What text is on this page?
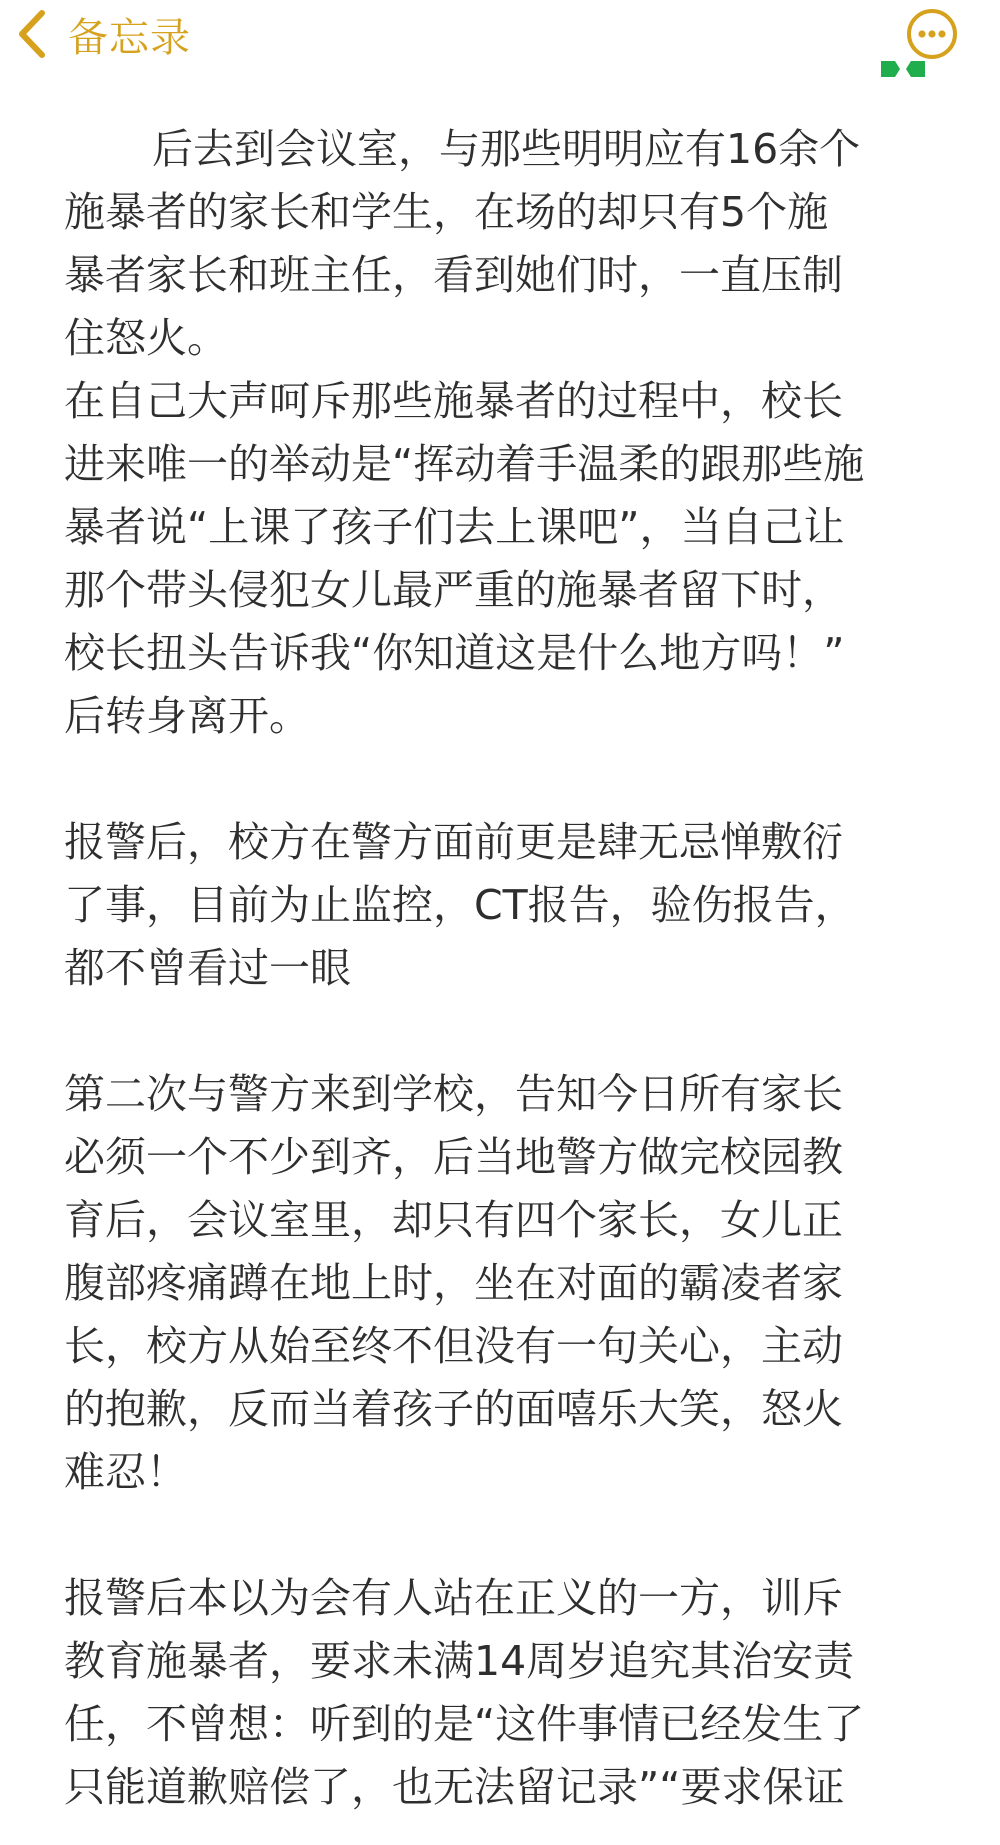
备忘录
后去到会议室，与那些明明应有16余个
施暴者的家长和学生，在场的却只有5个施
暴者家长和班主任，看到她们时，一直压制
住怒火。
在自己大声呵斥那些施暴者的过程中，校长
进来唯一的举动是“挥动着手温柔的跟那些施
暴者说“上课了孩子们去上课吧”，当自己让
那个带头侵犯女儿最严重的施暴者留下时，
校长扭头告诉我“你知道这是什么地方吗！”
后转身离开。
报警后，校方在警方面前更是肆无忌惮敷衍
了事，目前为止监控，CT报告，验伤报告，
都不曾看过一眼
第二次与警方来到学校，告知今日所有家长
必须一个不少到齐，后当地警方做完校园教
育后，会议室里，却只有四个家长，女儿正
腹部疼痛蹲在地上时，坐在对面的霸凌者家
长，校方从始至终不但没有一句关心，主动
的抱歉，反而当着孩子的面嘻乐大笑，怒火
难忍！
报警后本以为会有人站在正义的一方，训斥
教育施暴者，要求未满14周岁追究其治安责
任，不曾想：听到的是“这件事情已经发生了
只能道歉赔偿了，也无法留记录”“要求保证
